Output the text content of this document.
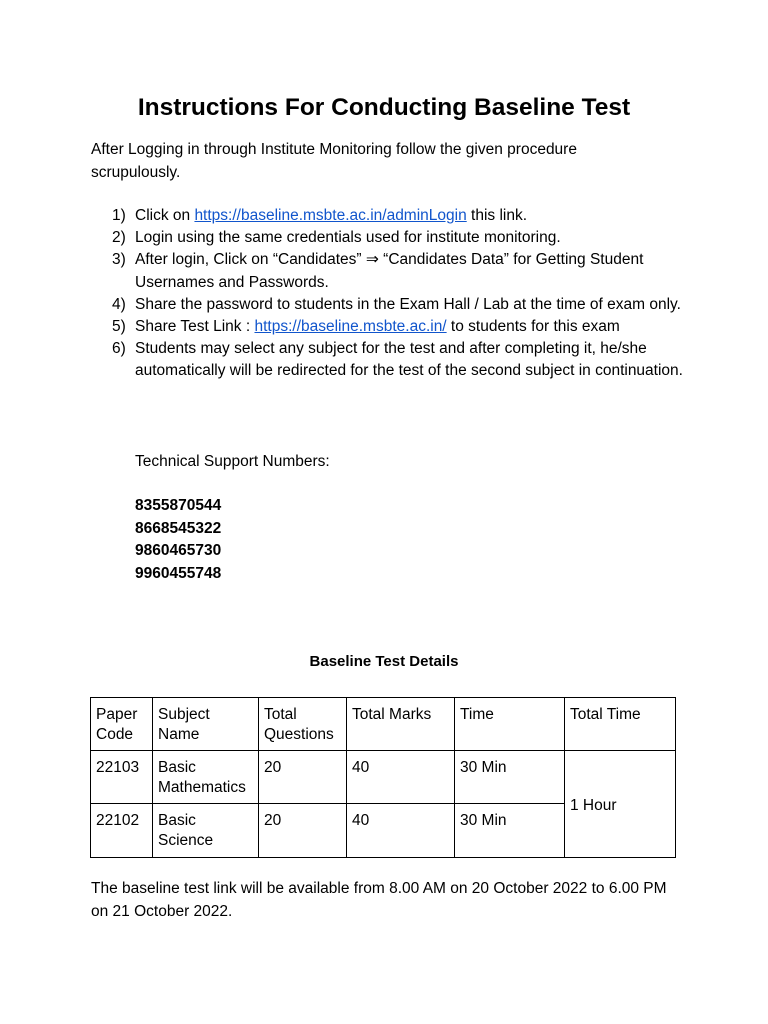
Instructions For Conducting Baseline Test
After Logging in through Institute Monitoring follow the given procedure scrupulously.
1) Click on https://baseline.msbte.ac.in/adminLogin this link.
2) Login using the same credentials used for institute monitoring.
3) After login, Click on “Candidates” ⇒ “Candidates Data” for Getting Student Usernames and Passwords.
4) Share the password to students in the Exam Hall / Lab at the time of exam only.
5) Share Test Link : https://baseline.msbte.ac.in/ to students for this exam
6) Students may select any subject for the test and after completing it, he/she automatically will be redirected for the test of the second subject in continuation.
Technical Support Numbers:
8355870544
8668545322
9860465730
9960455748
Baseline Test Details
Paper Code	Subject Name	Total Questions	Total Marks	Time	Total Time
22103	Basic Mathematics	20	40	30 Min	1 Hour
22102	Basic Science	20	40	30 Min	
The baseline test link will be available from 8.00 AM on 20 October 2022 to 6.00 PM on 21 October 2022.
